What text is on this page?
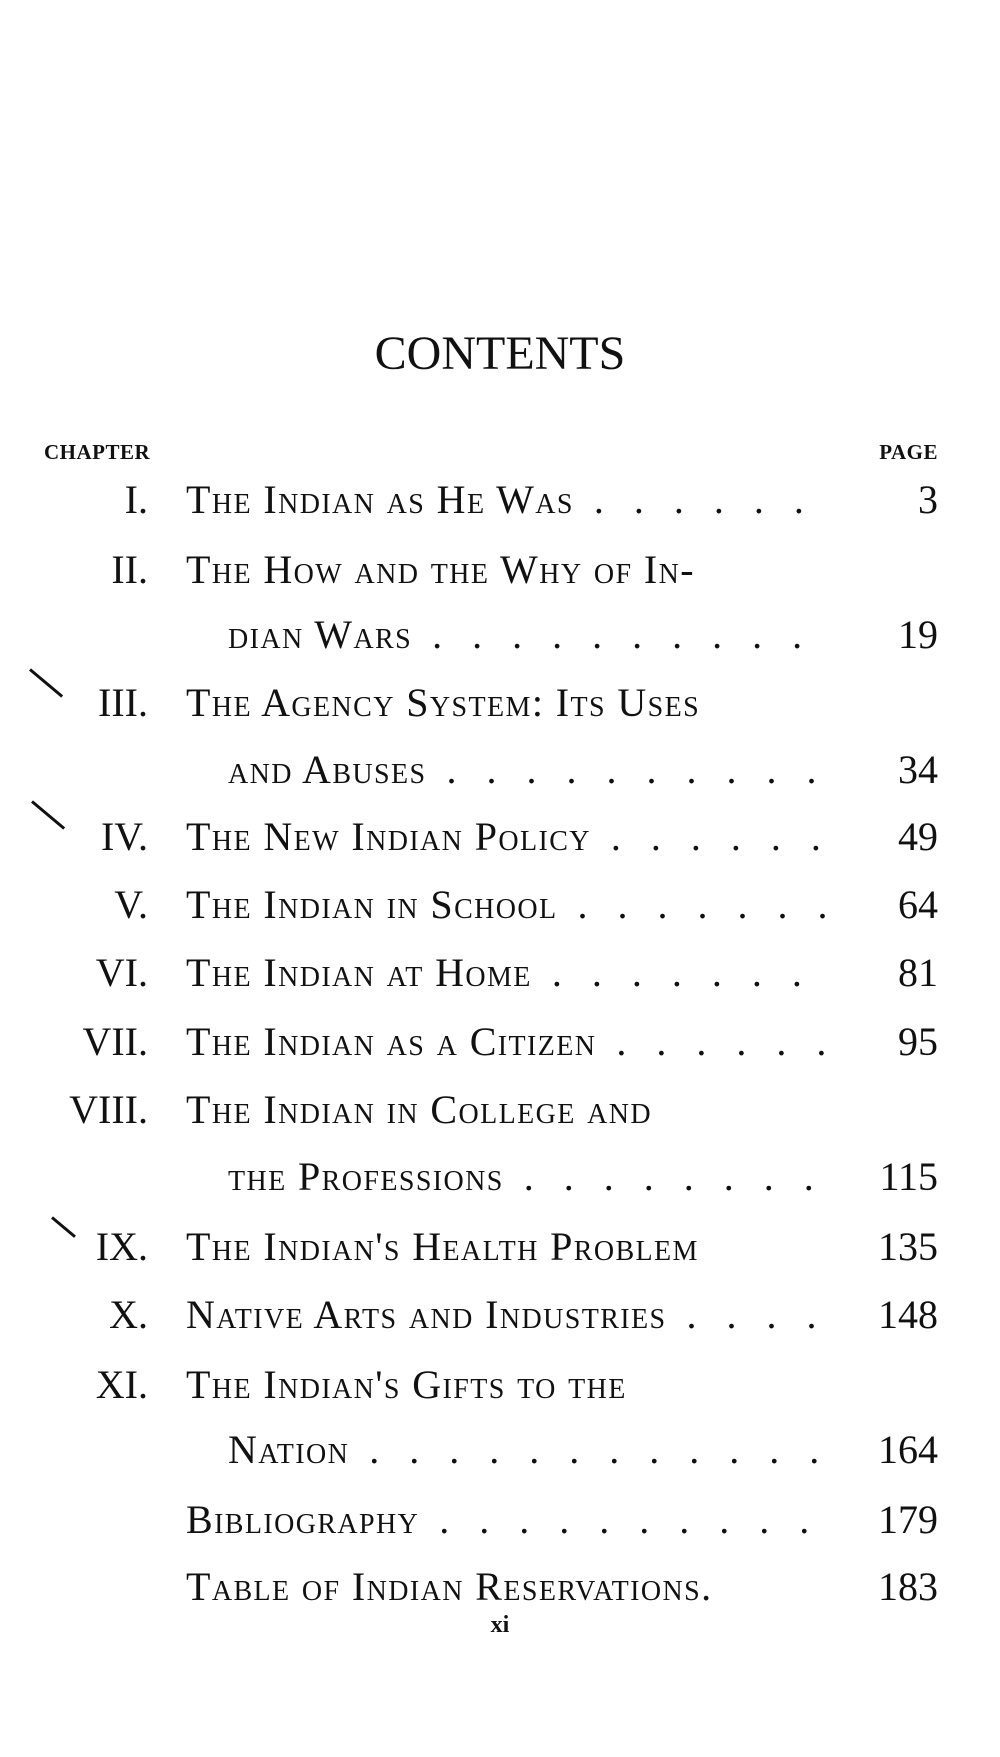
CONTENTS
CHAPTER	PAGE
I. The Indian as He Was . . .	3
II. The How and the Why of In-
dian Wars . . .	19
III. The Agency System: Its Uses
and Abuses . . .	34
IV. The New Indian Policy . . .	49
V. The Indian in School . . .	64
VI. The Indian at Home . . .	81
VII. The Indian as a Citizen . . .	95
VIII. The Indian in College and
the Professions . . .	115
IX. The Indian's Health Problem	135
X. Native Arts and Industries . . .	148
XI. The Indian's Gifts to the
Nation . . .	164
Bibliography . . .	179
Table of Indian Reservations.	183
xi
